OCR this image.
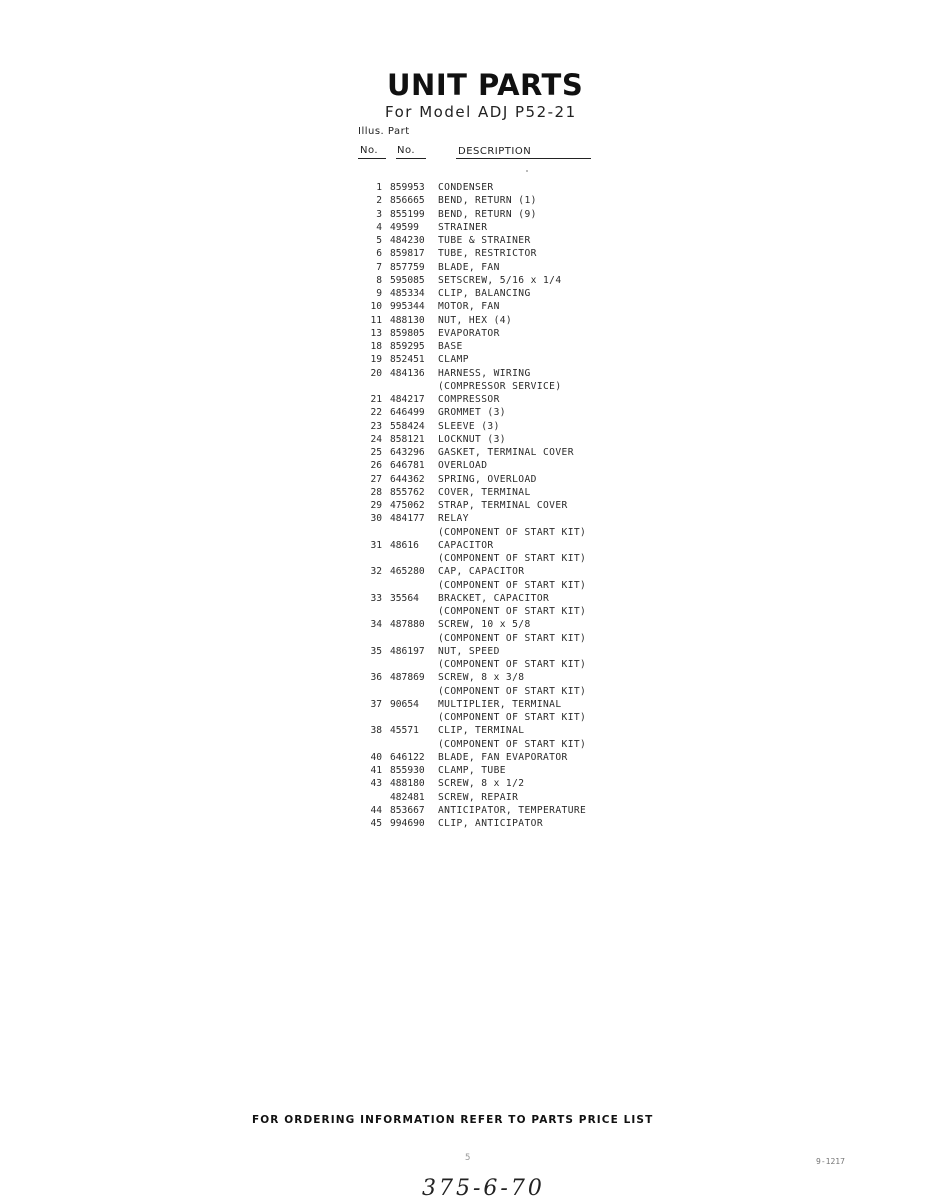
UNIT PARTS
For Model ADJ P52-21
Illus. Part
No. No.	DESCRIPTION
1 859953 CONDENSER
2 856665 BEND, RETURN (1)
3 855199 BEND, RETURN (9)
4 49599 STRAINER
5 484230 TUBE & STRAINER
6 859817 TUBE, RESTRICTOR
7 857759 BLADE, FAN
8 595085 SETSCREW, 5/16 x 1/4
9 485334 CLIP, BALANCING
10 995344 MOTOR, FAN
11 488130 NUT, HEX (4)
13 859805 EVAPORATOR
18 859295 BASE
19 852451 CLAMP
20 484136 HARNESS, WIRING
(COMPRESSOR SERVICE)
21 484217 COMPRESSOR
22 646499 GROMMET (3)
23 558424 SLEEVE (3)
24 858121 LOCKNUT (3)
25 643296 GASKET, TERMINAL COVER
26 646781 OVERLOAD
27 644362 SPRING, OVERLOAD
28 855762 COVER, TERMINAL
29 475062 STRAP, TERMINAL COVER
30 484177 RELAY
(COMPONENT OF START KIT)
31 48616 CAPACITOR
(COMPONENT OF START KIT)
32 465280 CAP, CAPACITOR
(COMPONENT OF START KIT)
33 35564 BRACKET, CAPACITOR
(COMPONENT OF START KIT)
34 487880 SCREW, 10 x 5/8
(COMPONENT OF START KIT)
35 486197 NUT, SPEED
(COMPONENT OF START KIT)
36 487869 SCREW, 8 x 3/8
(COMPONENT OF START KIT)
37 90654 MULTIPLIER, TERMINAL
(COMPONENT OF START KIT)
38 45571 CLIP, TERMINAL
(COMPONENT OF START KIT)
40 646122 BLADE, FAN EVAPORATOR
41 855930 CLAMP, TUBE
43 488180 SCREW, 8 x 1/2
482481 SCREW, REPAIR
44 853667 ANTICIPATOR, TEMPERATURE
45 994690 CLIP, ANTICIPATOR
FOR ORDERING INFORMATION REFER TO PARTS PRICE LIST
5	9-1217
375-6-70
